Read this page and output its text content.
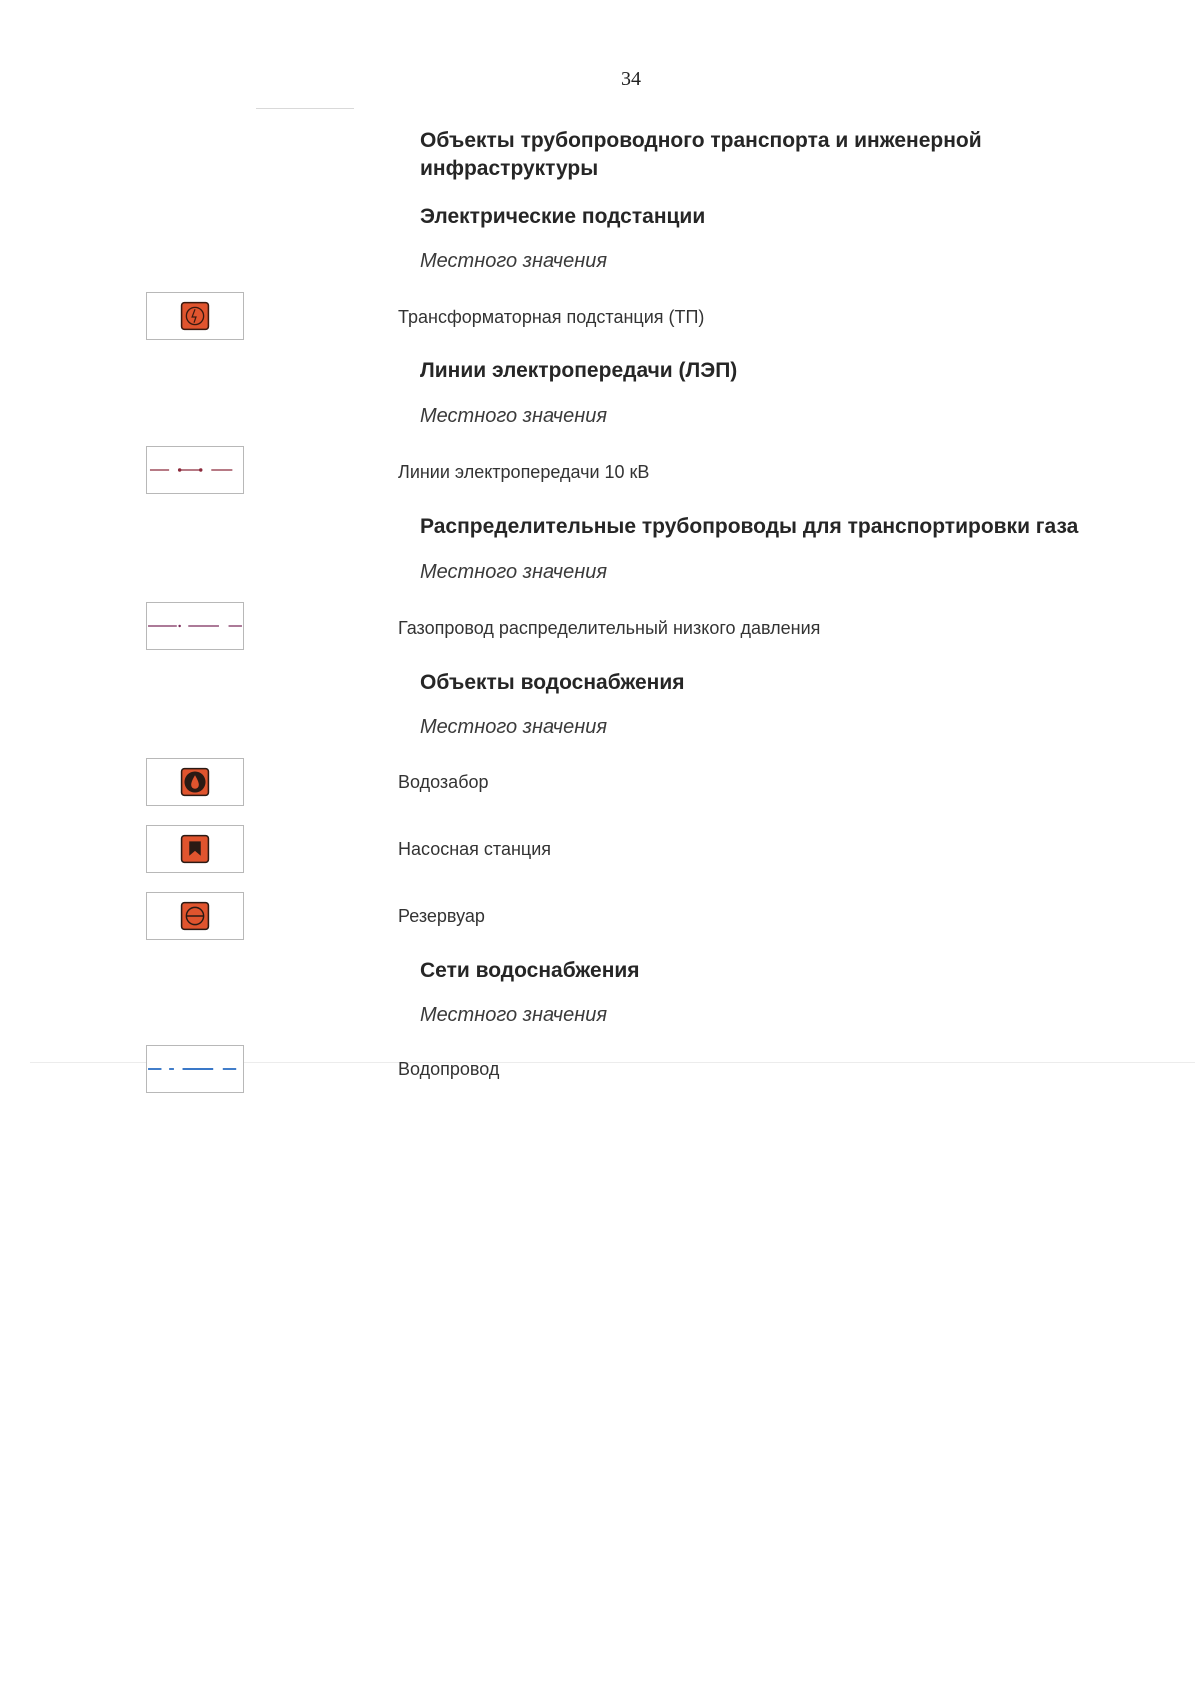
34
Объекты трубопроводного транспорта и инженерной инфраструктуры
Электрические подстанции
Местного значения
Трансформаторная подстанция (ТП)
Линии электропередачи (ЛЭП)
Местного значения
Линии электропередачи 10 кВ
Распределительные трубопроводы для транспортировки газа
Местного значения
Газопровод распределительный низкого давления
Объекты водоснабжения
Местного значения
Водозабор
Насосная станция
Резервуар
Сети водоснабжения
Местного значения
Водопровод
